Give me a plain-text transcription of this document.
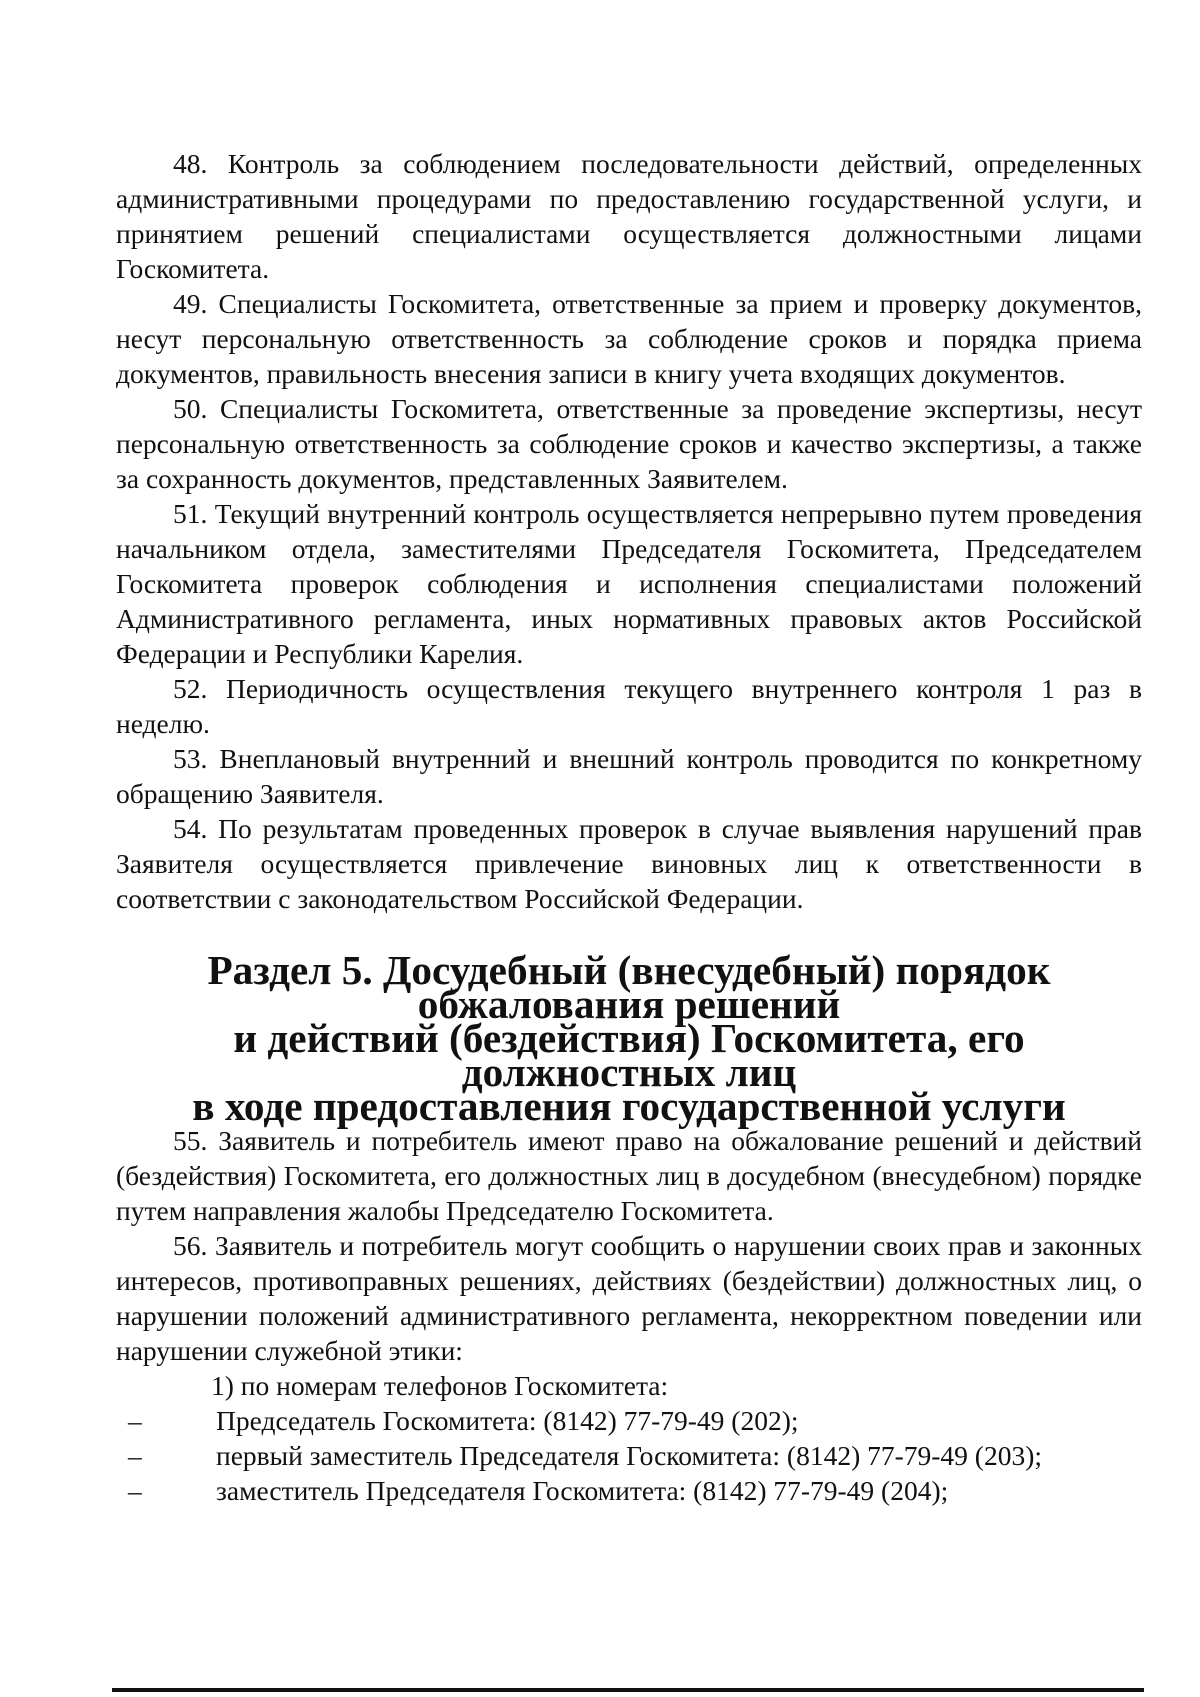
48. Контроль за соблюдением последовательности действий, определенных административными процедурами по предоставлению государственной услуги, и принятием решений специалистами осуществляется должностными лицами Госкомитета.

49. Специалисты Госкомитета, ответственные за прием и проверку документов, несут персональную ответственность за соблюдение сроков и порядка приема документов, правильность внесения записи в книгу учета входящих документов.

50. Специалисты Госкомитета, ответственные за проведение экспертизы, несут персональную ответственность за соблюдение сроков и качество экспертизы, а также за сохранность документов, представленных Заявителем.

51. Текущий внутренний контроль осуществляется непрерывно путем проведения начальником отдела, заместителями Председателя Госкомитета, Председателем Госкомитета проверок соблюдения и исполнения специалистами положений Административного регламента, иных нормативных правовых актов Российской Федерации и Республики Карелия.

52. Периодичность осуществления текущего внутреннего контроля 1 раз в неделю.

53. Внеплановый внутренний и внешний контроль проводится по конкретному обращению Заявителя.

54. По результатам проведенных проверок в случае выявления нарушений прав Заявителя осуществляется привлечение виновных лиц к ответственности в соответствии с законодательством Российской Федерации.

Раздел 5. Досудебный (внесудебный) порядок обжалования решений
и действий (бездействия) Госкомитета, его должностных лиц
в ходе предоставления государственной услуги

55. Заявитель и потребитель имеют право на обжалование решений и действий (бездействия) Госкомитета, его должностных лиц в досудебном (внесудебном) порядке путем направления жалобы Председателю Госкомитета.

56. Заявитель и потребитель могут сообщить о нарушении своих прав и законных интересов, противоправных решениях, действиях (бездействии) должностных лиц, о нарушении положений административного регламента, некорректном поведении или нарушении служебной этики:

1) по номерам телефонов Госкомитета:

–	Председатель Госкомитета: (8142) 77-79-49 (202);
–	первый заместитель Председателя Госкомитета: (8142) 77-79-49 (203);
–	заместитель Председателя Госкомитета: (8142) 77-79-49 (204);
